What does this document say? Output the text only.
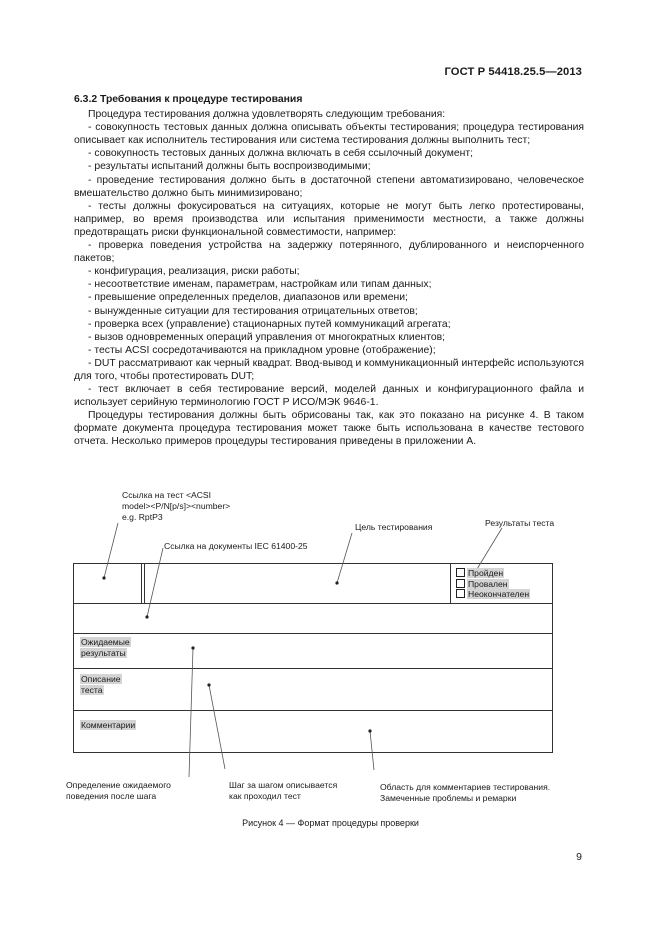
ГОСТ Р 54418.25.5—2013

6.3.2 Требования к процедуре тестирования

Процедура тестирования должна удовлетворять следующим требования:

- совокупность тестовых данных должна описывать объекты тестирования; процедура тестирования описывает как исполнитель тестирования или система тестирования должны выполнить тест;

- совокупность тестовых данных должна включать в себя ссылочный документ;

- результаты испытаний должны быть воспроизводимыми;

- проведение тестирования должно быть в достаточной степени автоматизировано, человеческое вмешательство должно быть минимизировано;

- тесты должны фокусироваться на ситуациях, которые не могут быть легко протестированы, например, во время производства или испытания применимости местности, а также должны предотвращать риски функциональной совместимости, например:

- проверка поведения устройства на задержку потерянного, дублированного и неиспорченного пакетов;

- конфигурация, реализация, риски работы;

- несоответствие именам, параметрам, настройкам или типам данных;

- превышение определенных пределов, диапазонов или времени;

- вынужденные ситуации для тестирования отрицательных ответов;

- проверка всех (управление) стационарных путей коммуникаций агрегата;

- вызов одновременных операций управления от многократных клиентов;

- тесты ACSI сосредотачиваются на прикладном уровне (отображение);

- DUT рассматривают как черный квадрат. Ввод-вывод и коммуникационный интерфейс используются для того, чтобы протестировать DUT;

- тест включает в себя тестирование версий, моделей данных и конфигурационного файла и использует серийную терминологию ГОСТ Р ИСО/МЭК 9646-1.

Процедуры тестирования должны быть обрисованы так, как это показано на рисунке 4. В таком формате документа процедура тестирования может также быть использована в качестве тестового отчета. Несколько примеров процедуры тестирования приведены в приложении А.

Ссылка на тест <ACSI
model><P/N[p/s]><number>
e.g. RptP3
Ссылка на документы IEC 61400-25
Цель тестирования	Результаты теста
Пройден
Провален
Неокончателен
Ожидаемые
результаты
Описание
теста
Комментарии
Определение ожидаемого
поведения после шага
Шаг за шагом описывается
как проходил тест
Область для комментариев тестирования.
Замеченные проблемы и ремарки
Рисунок 4 — Формат процедуры проверки
9
